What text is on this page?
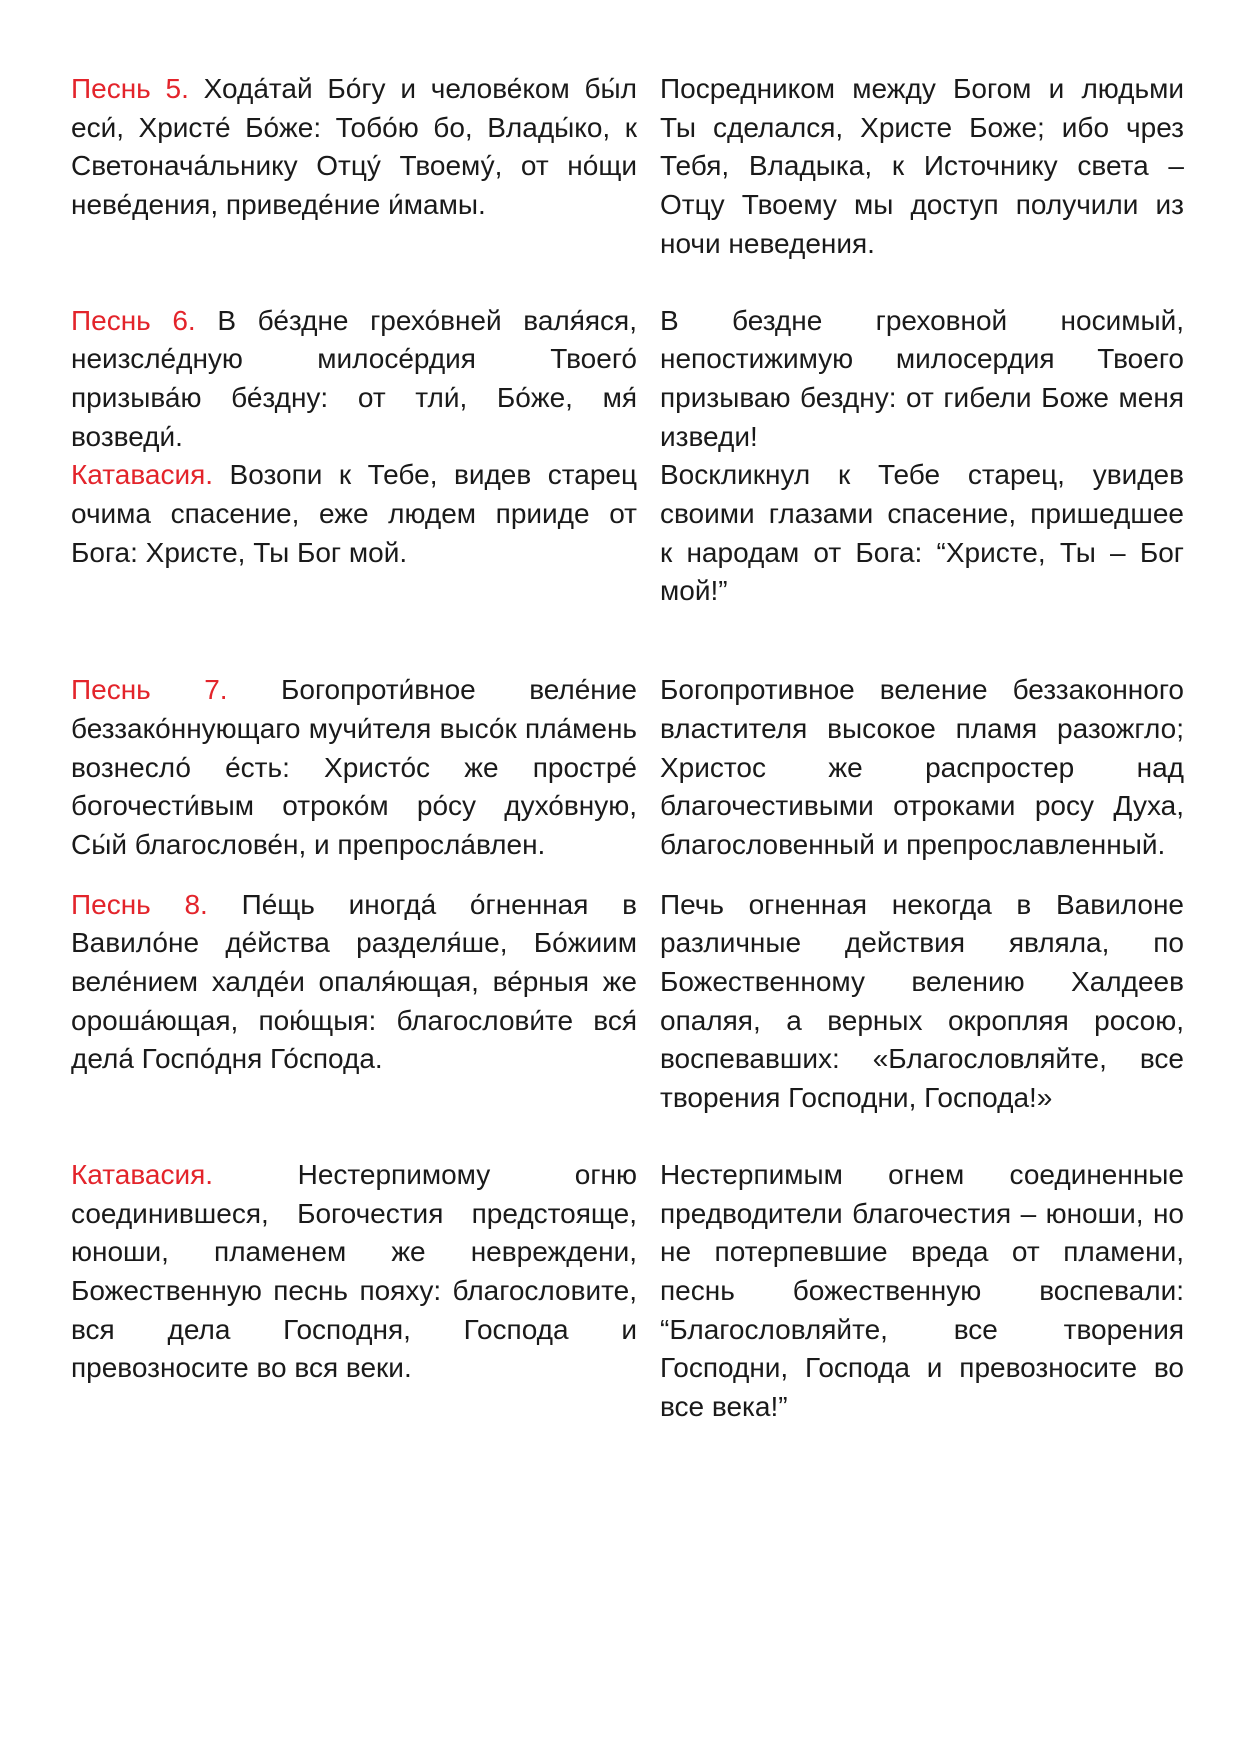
Песнь 5. Хода́тай Бо́гу и челове́ком бы́л еси́, Христе́ Бо́же: Тобо́ю бо, Влады́ко, к Светонача́льнику Отцу́ Твоему́, от но́щи неве́дения, приведе́ние и́мамы.
Посредником между Богом и людьми Ты сделался, Христе Боже; ибо чрез Тебя, Владыка, к Источнику света – Отцу Твоему мы доступ получили из ночи неведения.
Песнь 6. В бе́здне грехо́вней валя́яся, неизсле́дную милосе́рдия Твоего́ призыва́ю бе́здну: от тли́, Бо́же, мя́ возведи́.
В бездне греховной носимый, непостижимую милосердия Твоего призываю бездну: от гибели Боже меня изведи!
Катавасия. Возопи к Тебе, видев старец очима спасение, еже людем прииде от Бога: Христе, Ты Бог мой.
Воскликнул к Тебе старец, увидев своими глазами спасение, пришедшее к народам от Бога: “Христе, Ты – Бог мой!”
Песнь 7. Богопроти́вное веле́ние беззако́ннующаго мучи́теля высо́к пла́мень вознесло́ е́сть: Христо́с же простре́ богочести́вым отроко́м ро́су духо́вную, Сы́й благослове́н, и препросла́влен.
Богопротивное веление беззаконного властителя высокое пламя разожгло; Христос же распростер над благочестивыми отроками росу Духа, благословенный и препрославленный.
Песнь 8. Пе́щь иногда́ о́гненная в Вавило́не де́йства разделя́ше, Бо́жиим веле́нием халде́и опаля́ющая, ве́рныя же ороша́ющая, пою́щыя: благослови́те вся́ дела́ Госпо́дня Го́спода.
Печь огненная некогда в Вавилоне различные действия являла, по Божественному велению Халдеев опаляя, а верных окропляя росою, воспевавших: «Благословляйте, все творения Господни, Господа!»
Катавасия. Нестерпимому огню соединившеся, Богочестия предстояще, юноши, пламенем же невреждени, Божественную песнь пояху: благословите, вся дела Господня, Господа и превозносите во вся веки.
Нестерпимым огнем соединенные предводители благочестия – юноши, но не потерпевшие вреда от пламени, песнь божественную воспевали: “Благословляйте, все творения Господни, Господа и превозносите во все века!”
